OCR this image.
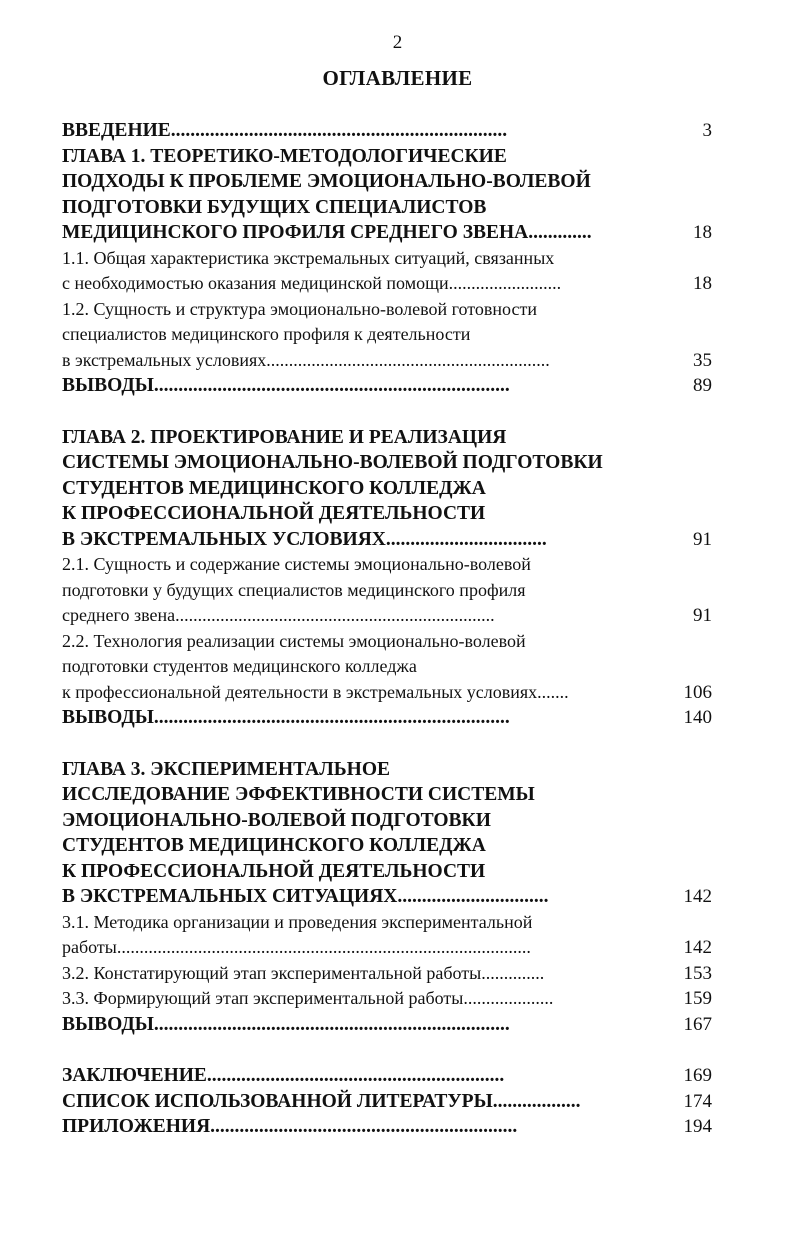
2
ОГЛАВЛЕНИЕ
ВВЕДЕНИЕ.....................................................................	3
ГЛАВА 1. ТЕОРЕТИКО-МЕТОДОЛОГИЧЕСКИЕ
ПОДХОДЫ К ПРОБЛЕМЕ ЭМОЦИОНАЛЬНО-ВОЛЕВОЙ
ПОДГОТОВКИ БУДУЩИХ СПЕЦИАЛИСТОВ
МЕДИЦИНСКОГО ПРОФИЛЯ СРЕДНЕГО ЗВЕНА.............	18
1.1. Общая характеристика экстремальных ситуаций, связанных
с необходимостью оказания медицинской помощи.........................	18
1.2. Сущность и структура эмоционально-волевой готовности
специалистов медицинского профиля к деятельности
в экстремальных условиях...............................................................	35
ВЫВОДЫ.........................................................................	89
ГЛАВА 2. ПРОЕКТИРОВАНИЕ И РЕАЛИЗАЦИЯ
СИСТЕМЫ ЭМОЦИОНАЛЬНО-ВОЛЕВОЙ ПОДГОТОВКИ
СТУДЕНТОВ МЕДИЦИНСКОГО КОЛЛЕДЖА
К ПРОФЕССИОНАЛЬНОЙ ДЕЯТЕЛЬНОСТИ
В ЭКСТРЕМАЛЬНЫХ УСЛОВИЯХ.................................	91
2.1. Сущность и содержание системы эмоционально-волевой
подготовки у будущих специалистов медицинского профиля
среднего звена.......................................................................	91
2.2. Технология реализации системы эмоционально-волевой
подготовки студентов медицинского колледжа
к профессиональной деятельности в экстремальных условиях.......	106
ВЫВОДЫ.........................................................................	140
ГЛАВА 3. ЭКСПЕРИМЕНТАЛЬНОЕ
ИССЛЕДОВАНИЕ ЭФФЕКТИВНОСТИ СИСТЕМЫ
ЭМОЦИОНАЛЬНО-ВОЛЕВОЙ ПОДГОТОВКИ
СТУДЕНТОВ МЕДИЦИНСКОГО КОЛЛЕДЖА
К ПРОФЕССИОНАЛЬНОЙ ДЕЯТЕЛЬНОСТИ
В ЭКСТРЕМАЛЬНЫХ СИТУАЦИЯХ...............................	142
3.1. Методика организации и проведения экспериментальной
работы............................................................................................	142
3.2. Констатирующий этап экспериментальной работы..............	153
3.3. Формирующий этап экспериментальной работы....................	159
ВЫВОДЫ.........................................................................	167
ЗАКЛЮЧЕНИЕ.............................................................	169
СПИСОК ИСПОЛЬЗОВАННОЙ ЛИТЕРАТУРЫ..................	174
ПРИЛОЖЕНИЯ...............................................................	194
